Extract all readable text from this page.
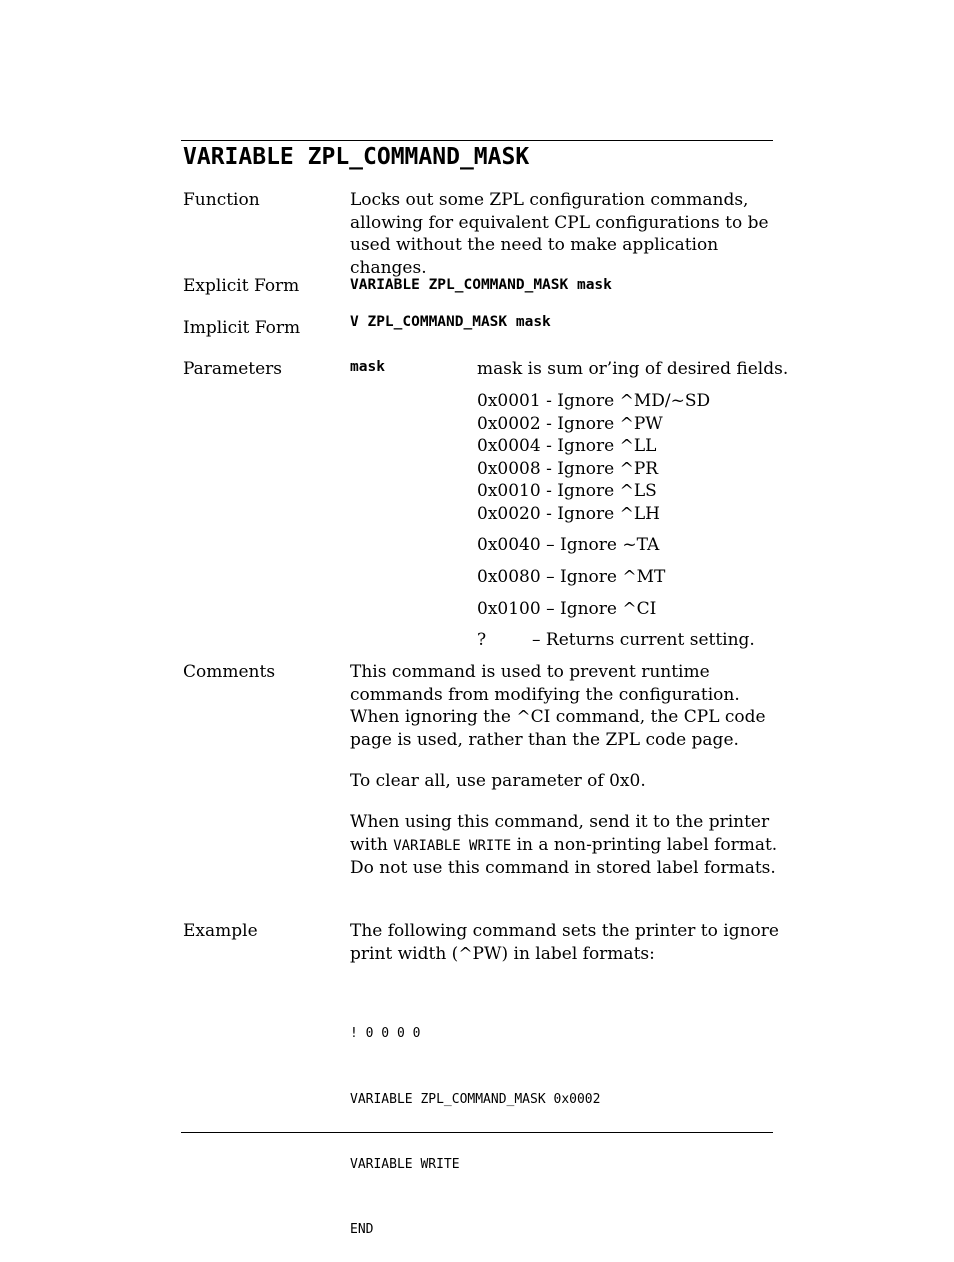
VARIABLE ZPL_COMMAND_MASK
Function	Locks out some ZPL configuration commands, allowing for equivalent CPL configurations to be used without the need to make application changes.

Explicit Form	VARIABLE ZPL_COMMAND_MASK mask
Implicit Form	V ZPL_COMMAND_MASK mask
Parameters	mask	mask is sum or’ing of desired fields.
0x0001 - Ignore ^MD/~SD
0x0002 - Ignore ^PW
0x0004 - Ignore ^LL
0x0008 - Ignore ^PR
0x0010 - Ignore ^LS
0x0020 - Ignore ^LH
0x0040 – Ignore ~TA
0x0080 – Ignore ^MT
0x0100 – Ignore ^CI
?	– Returns current setting.
Comments	This command is used to prevent runtime commands from modifying the configuration. When ignoring the ^CI command, the CPL code page is used, rather than the ZPL code page.

To clear all, use parameter of 0x0.

When using this command, send it to the printer with VARIABLE WRITE in a non-printing label format. Do not use this command in stored label formats.

Example	The following command sets the printer to ignore print width (^PW) in label formats:

! 0 0 0 0

VARIABLE ZPL_COMMAND_MASK 0x0002

VARIABLE WRITE

END
